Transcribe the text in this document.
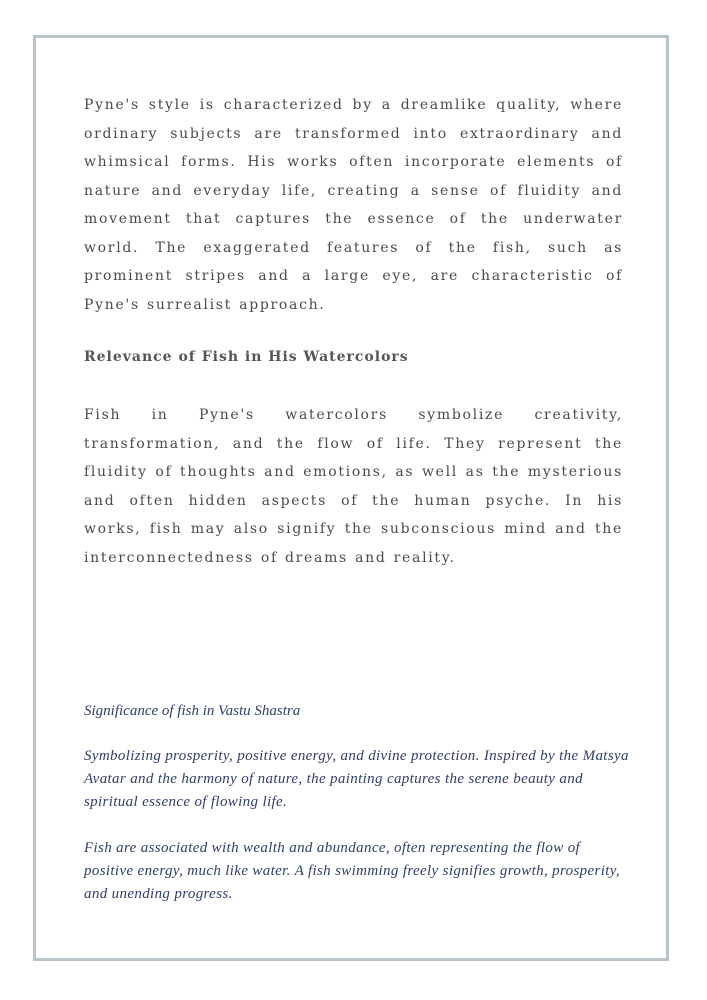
Pyne's style is characterized by a dreamlike quality, where ordinary subjects are transformed into extraordinary and whimsical forms. His works often incorporate elements of nature and everyday life, creating a sense of fluidity and movement that captures the essence of the underwater world. The exaggerated features of the fish, such as prominent stripes and a large eye, are characteristic of Pyne's surrealist approach.

Relevance of Fish in His Watercolors

Fish in Pyne's watercolors symbolize creativity, transformation, and the flow of life. They represent the fluidity of thoughts and emotions, as well as the mysterious and often hidden aspects of the human psyche. In his works, fish may also signify the subconscious mind and the interconnectedness of dreams and reality.

Significance of fish in Vastu Shastra

Symbolizing prosperity, positive energy, and divine protection. Inspired by the Matsya Avatar and the harmony of nature, the painting captures the serene beauty and spiritual essence of flowing life.

Fish are associated with wealth and abundance, often representing the flow of positive energy, much like water. A fish swimming freely signifies growth, prosperity, and unending progress.
